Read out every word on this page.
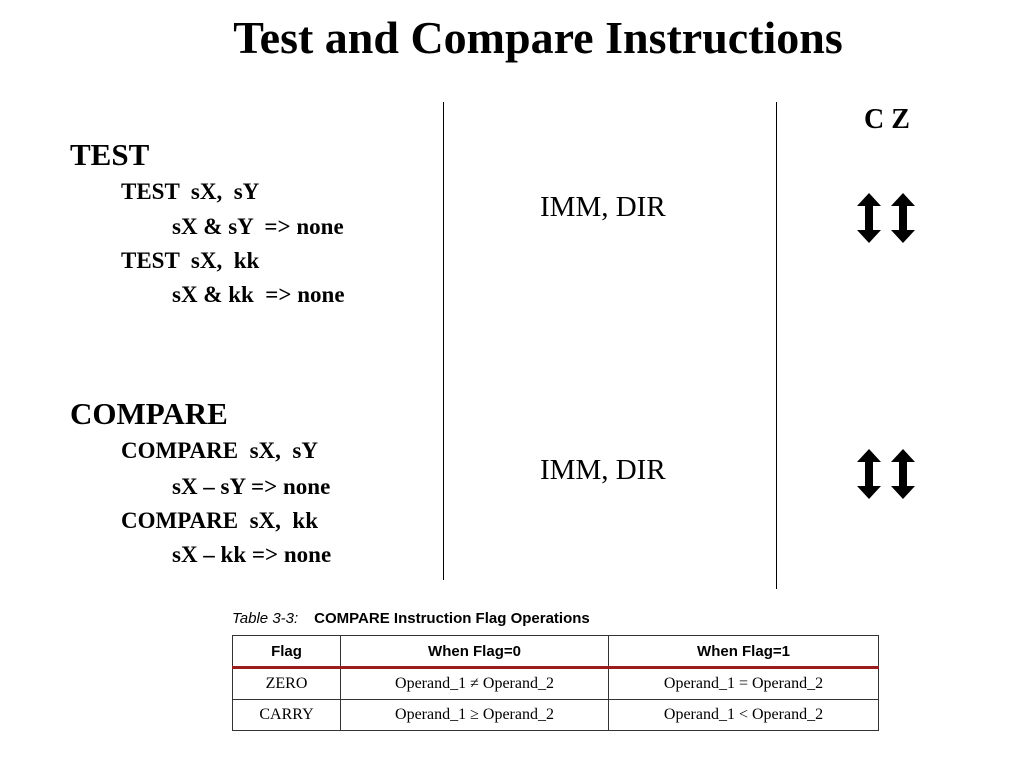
Test and Compare Instructions
C Z
TEST
TEST  sX,  sY
sX & sY  => none
TEST  sX,  kk
sX & kk  => none
IMM, DIR
COMPARE
COMPARE  sX,  sY
sX – sY => none
COMPARE  sX,  kk
sX – kk => none
IMM, DIR
Table 3-3: COMPARE Instruction Flag Operations
Flag	When Flag=0	When Flag=1
ZERO	Operand_1 ≠ Operand_2	Operand_1 = Operand_2
CARRY	Operand_1 ≥ Operand_2	Operand_1 < Operand_2
